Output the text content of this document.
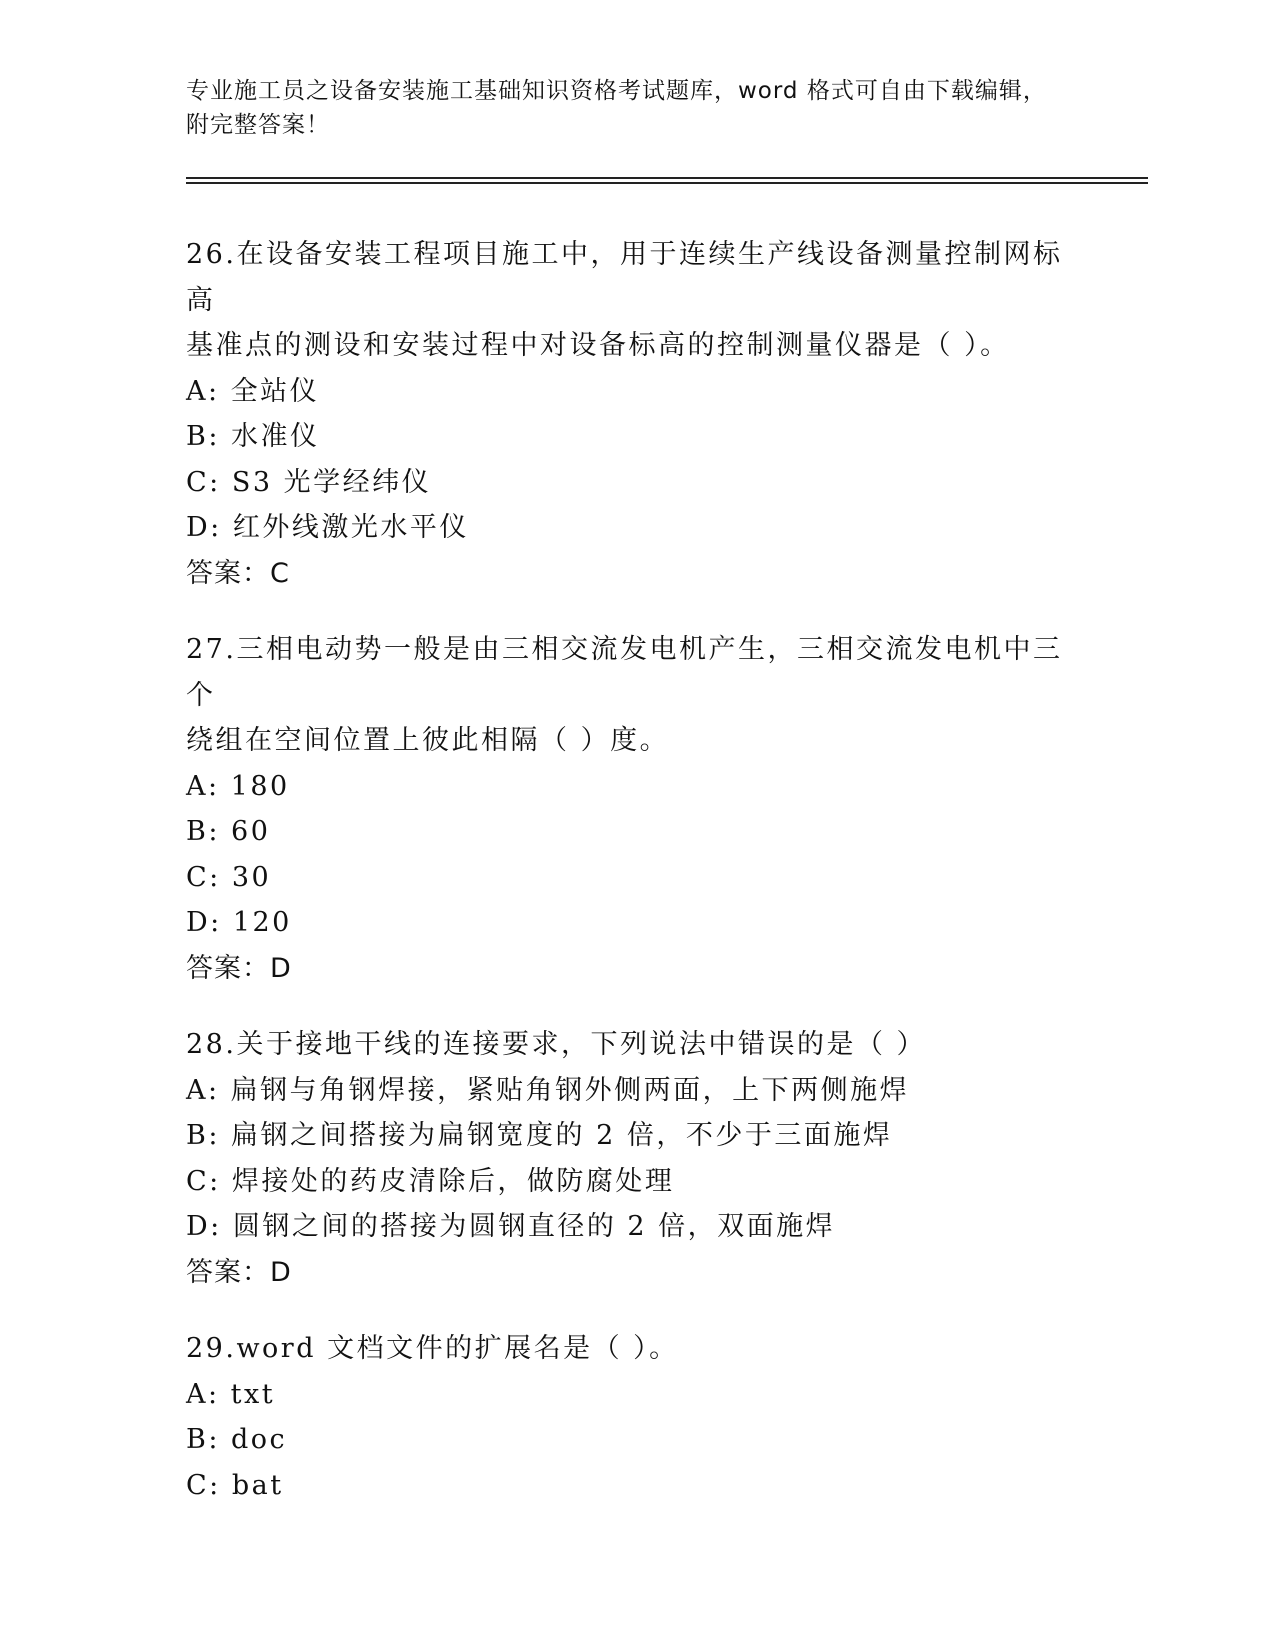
专业施工员之设备安装施工基础知识资格考试题库，word 格式可自由下载编辑，
附完整答案！
26.在设备安装工程项目施工中，用于连续生产线设备测量控制网标高
基准点的测设和安装过程中对设备标高的控制测量仪器是（ ）。
A: 全站仪
B: 水准仪
C: S3 光学经纬仪
D: 红外线激光水平仪
答案：C
27.三相电动势一般是由三相交流发电机产生，三相交流发电机中三个
绕组在空间位置上彼此相隔（ ）度。
A: 180
B: 60
C: 30
D: 120
答案：D
28.关于接地干线的连接要求，下列说法中错误的是（ ）
A: 扁钢与角钢焊接，紧贴角钢外侧两面，上下两侧施焊
B: 扁钢之间搭接为扁钢宽度的 2 倍，不少于三面施焊
C: 焊接处的药皮清除后，做防腐处理
D: 圆钢之间的搭接为圆钢直径的 2 倍，双面施焊
答案：D
29.word 文档文件的扩展名是（ ）。
A: txt
B: doc
C: bat
